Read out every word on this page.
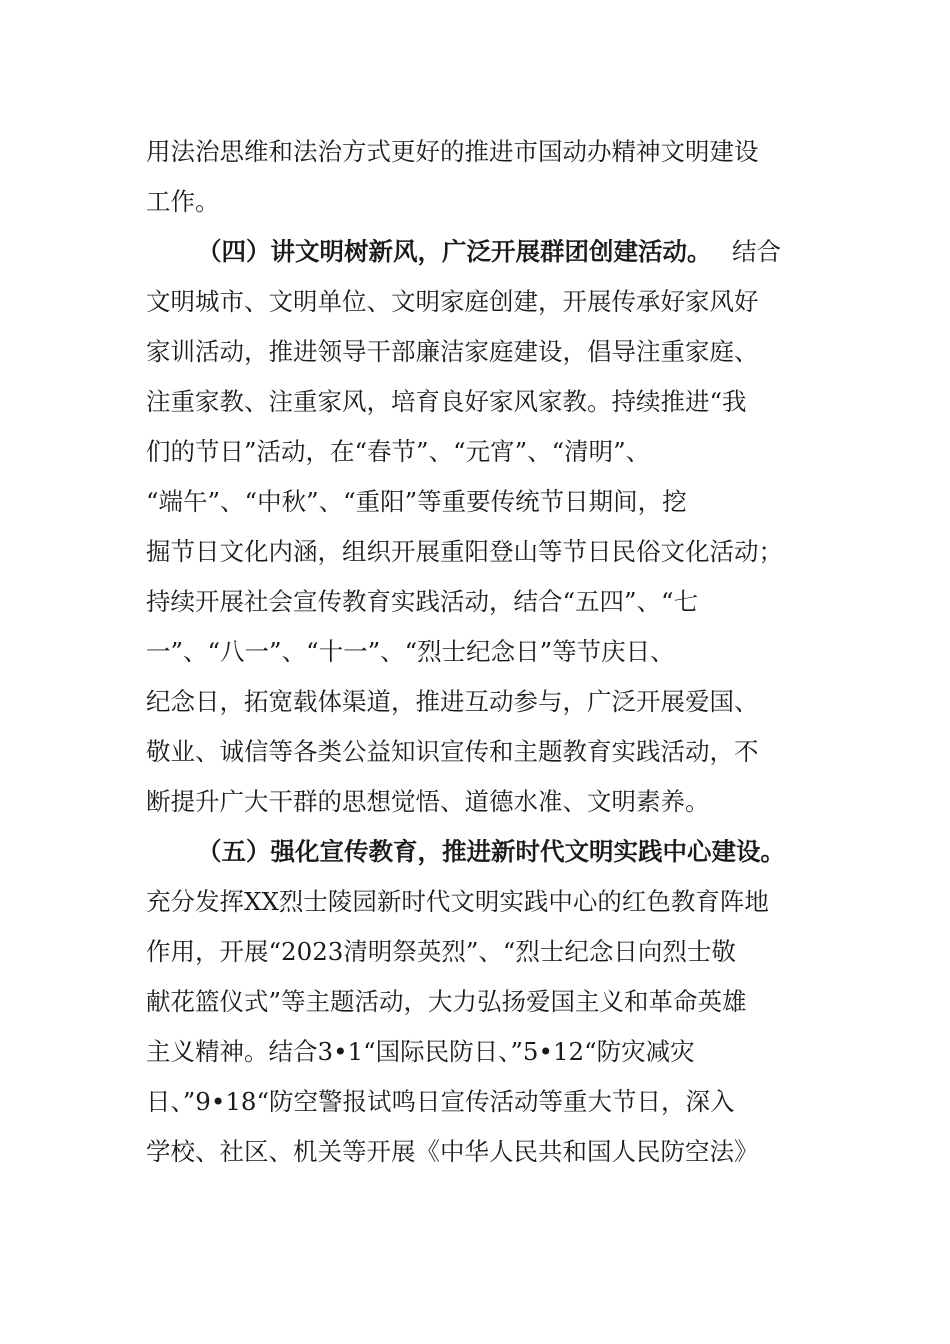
用法治思维和法治方式更好的推进市国动办精神文明建设
工作。
（四）讲文明树新风，广泛开展群团创建活动。 结合
文明城市、文明单位、文明家庭创建，开展传承好家风好
家训活动，推进领导干部廉洁家庭建设，倡导注重家庭、
注重家教、注重家风，培育良好家风家教。持续推进“我
们的节日”活动，在“春节”、“元宵”、“清明”、
“端午”、“中秋”、“重阳”等重要传统节日期间，挖
掘节日文化内涵，组织开展重阳登山等节日民俗文化活动；
持续开展社会宣传教育实践活动，结合“五四”、“七
一”、“八一”、“十一”、“烈士纪念日”等节庆日、
纪念日，拓宽载体渠道，推进互动参与，广泛开展爱国、
敬业、诚信等各类公益知识宣传和主题教育实践活动，不
断提升广大干群的思想觉悟、道德水准、文明素养。
（五）强化宣传教育，推进新时代文明实践中心建设。
充分发挥XX烈士陵园新时代文明实践中心的红色教育阵地
作用，开展“2023清明祭英烈”、“烈士纪念日向烈士敬
献花篮仪式”等主题活动，大力弘扬爱国主义和革命英雄
主义精神。结合3•1“国际民防日、”5•12“防灾减灾
日、”9•18“防空警报试鸣日宣传活动等重大节日，深入
学校、社区、机关等开展《中华人民共和国人民防空法》
